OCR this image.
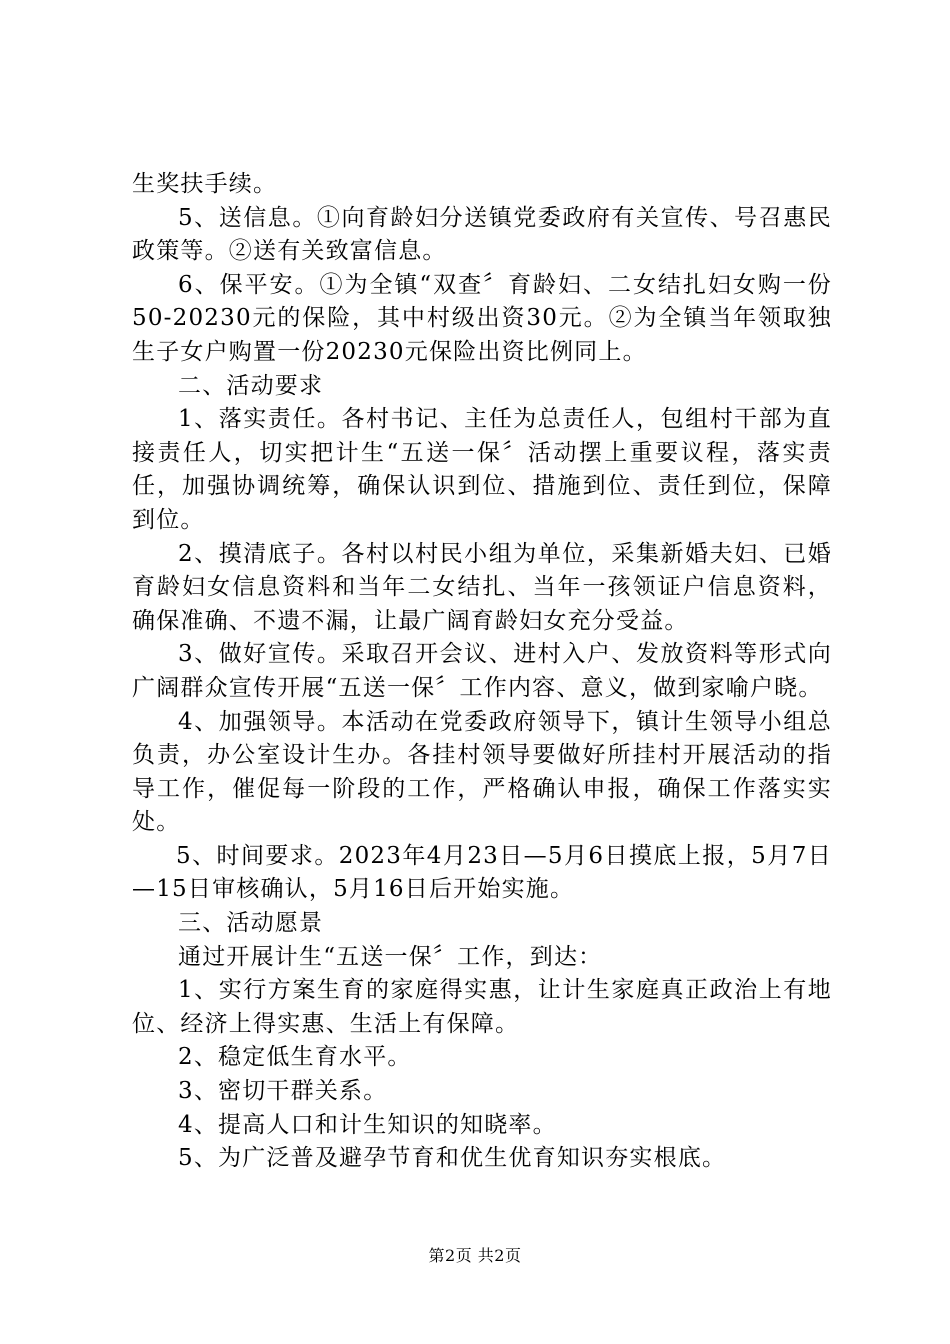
生奖扶手续。

5、送信息。①向育龄妇分送镇党委政府有关宣传、号召惠民政策等。②送有关致富信息。

6、保平安。①为全镇“双查〞育龄妇、二女结扎妇女购一份50-20230元的保险，其中村级出资30元。②为全镇当年领取独生子女户购置一份20230元保险出资比例同上。

二、活动要求

1、落实责任。各村书记、主任为总责任人，包组村干部为直接责任人，切实把计生“五送一保〞活动摆上重要议程，落实责任，加强协调统筹，确保认识到位、措施到位、责任到位，保障到位。

2、摸清底子。各村以村民小组为单位，采集新婚夫妇、已婚育龄妇女信息资料和当年二女结扎、当年一孩领证户信息资料，确保准确、不遗不漏，让最广阔育龄妇女充分受益。

3、做好宣传。采取召开会议、进村入户、发放资料等形式向广阔群众宣传开展“五送一保〞工作内容、意义，做到家喻户晓。

4、加强领导。本活动在党委政府领导下，镇计生领导小组总负责，办公室设计生办。各挂村领导要做好所挂村开展活动的指导工作，催促每一阶段的工作，严格确认申报，确保工作落实实处。

5、时间要求。2023年4月23日—5月6日摸底上报，5月7日—15日审核确认，5月16日后开始实施。

三、活动愿景

通过开展计生“五送一保〞工作，到达：

1、实行方案生育的家庭得实惠，让计生家庭真正政治上有地位、经济上得实惠、生活上有保障。

2、稳定低生育水平。

3、密切干群关系。

4、提高人口和计生知识的知晓率。

5、为广泛普及避孕节育和优生优育知识夯实根底。

第2页 共2页
